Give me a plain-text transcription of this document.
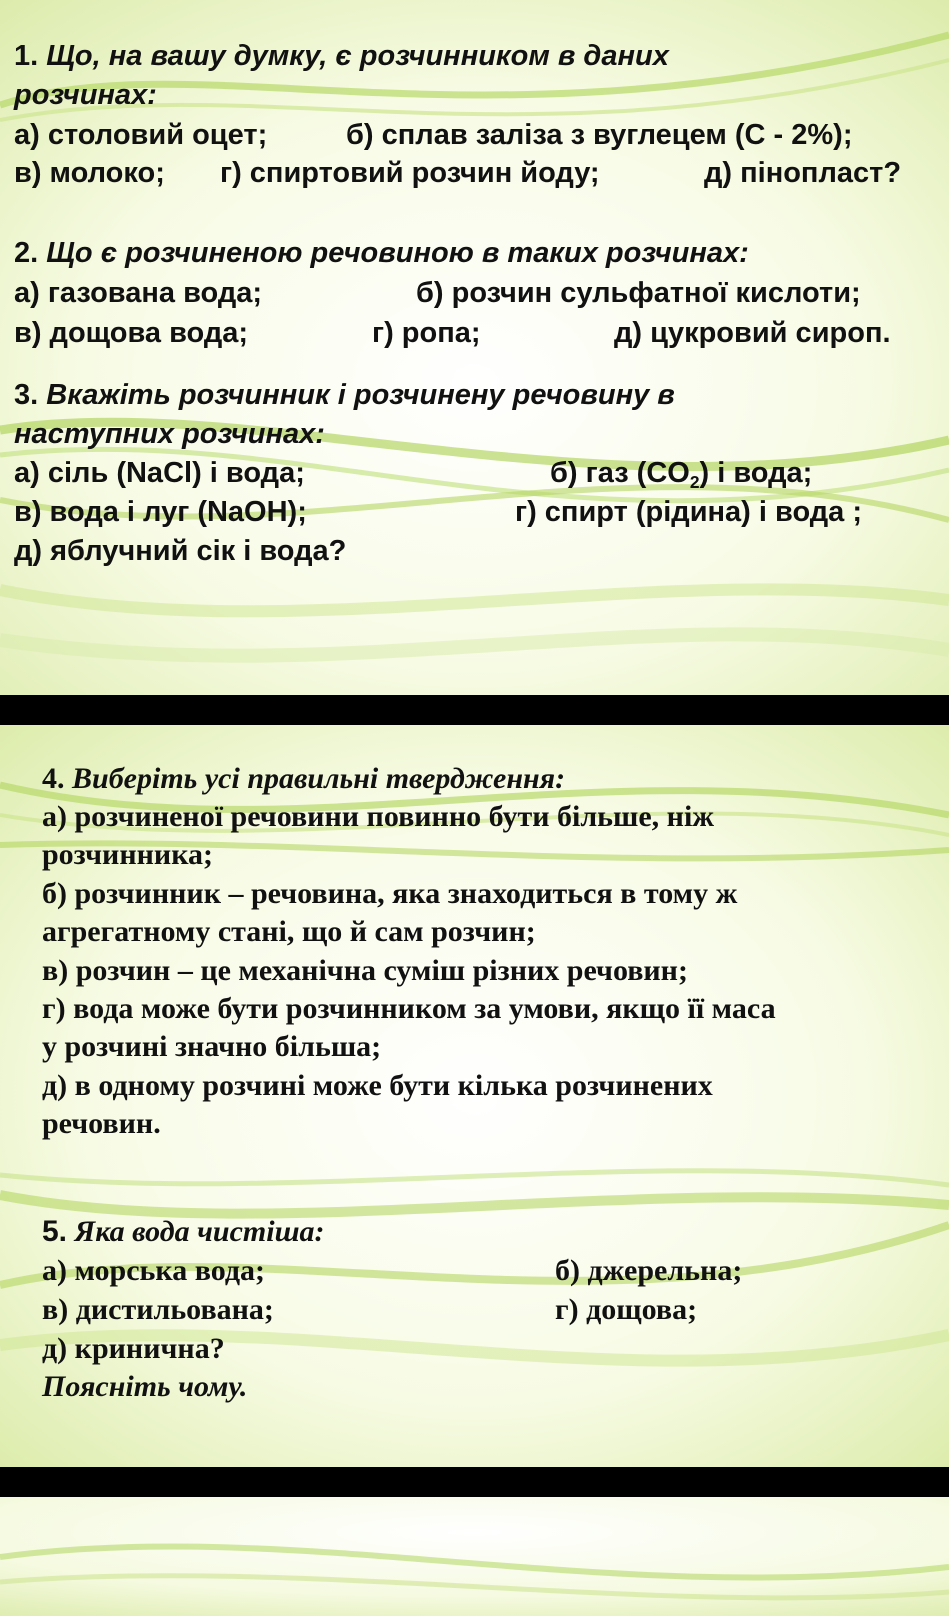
1. Що, на вашу думку, є розчинником в даних
розчинах:
а) столовий оцет;	б) сплав заліза з вуглецем (С - 2%);
в) молоко; г) спиртовий розчин йоду;	д) пінопласт?
2. Що є розчиненою речовиною в таких розчинах:
а) газована вода;	б) розчин сульфатної кислоти;
в) дощова вода;	г) ропа;	д) цукровий сироп.
3. Вкажіть розчинник і розчинену речовину в
наступних розчинах:
а) сіль (NaCl) і вода;	б) газ $(CO_2)$ і вода;
в) вода і луг (NaOH);	г) спирт (рідина) і вода ;
д) яблучний сік і вода?
4. Виберіть усі правильні твердження:
а) розчиненої речовини повинно бути більше, ніж
розчинника;
б) розчинник – речовина, яка знаходиться в тому ж
агрегатному стані, що й сам розчин;
в) розчин – це механічна суміш різних речовин;
г) вода може бути розчинником за умови, якщо її маса
у розчині значно більша;
д) в одному розчині може бути кілька розчинених
речовин.
5. Яка вода чистіша:
а) морська вода;	б) джерельна;
в) дистильована;	г) дощова;
д) кринична?
Поясніть чому.
